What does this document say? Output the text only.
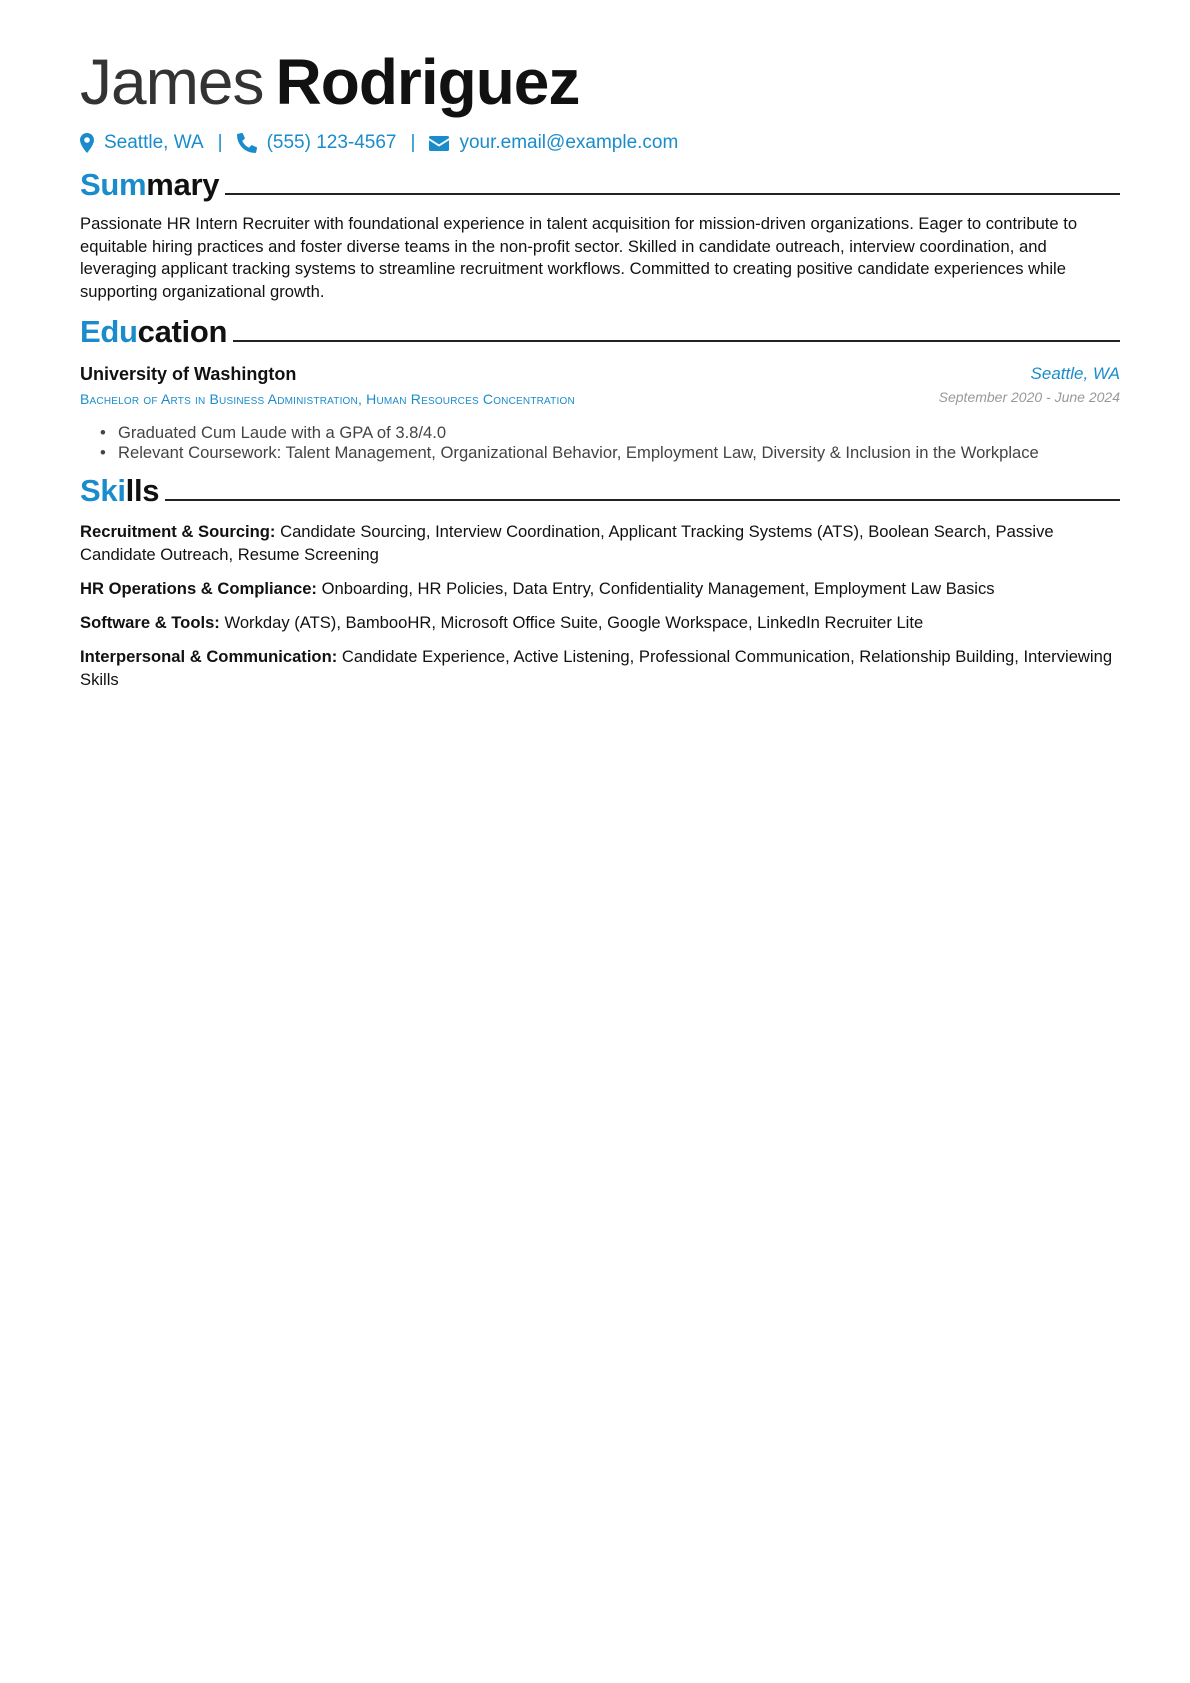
James Rodriguez
Seattle, WA | (555) 123-4567 | your.email@example.com
Summary
Passionate HR Intern Recruiter with foundational experience in talent acquisition for mission-driven organizations. Eager to contribute to equitable hiring practices and foster diverse teams in the non-profit sector. Skilled in candidate outreach, interview coordination, and leveraging applicant tracking systems to streamline recruitment workflows. Committed to creating positive candidate experiences while supporting organizational growth.
Education
University of Washington	Seattle, WA
Bachelor of Arts in Business Administration, Human Resources Concentration	September 2020 - June 2024
• Graduated Cum Laude with a GPA of 3.8/4.0
• Relevant Coursework: Talent Management, Organizational Behavior, Employment Law, Diversity & Inclusion in the Workplace
Skills
Recruitment & Sourcing: Candidate Sourcing, Interview Coordination, Applicant Tracking Systems (ATS), Boolean Search, Passive Candidate Outreach, Resume Screening
HR Operations & Compliance: Onboarding, HR Policies, Data Entry, Confidentiality Management, Employment Law Basics
Software & Tools: Workday (ATS), BambooHR, Microsoft Office Suite, Google Workspace, LinkedIn Recruiter Lite
Interpersonal & Communication: Candidate Experience, Active Listening, Professional Communication, Relationship Building, Interviewing Skills
